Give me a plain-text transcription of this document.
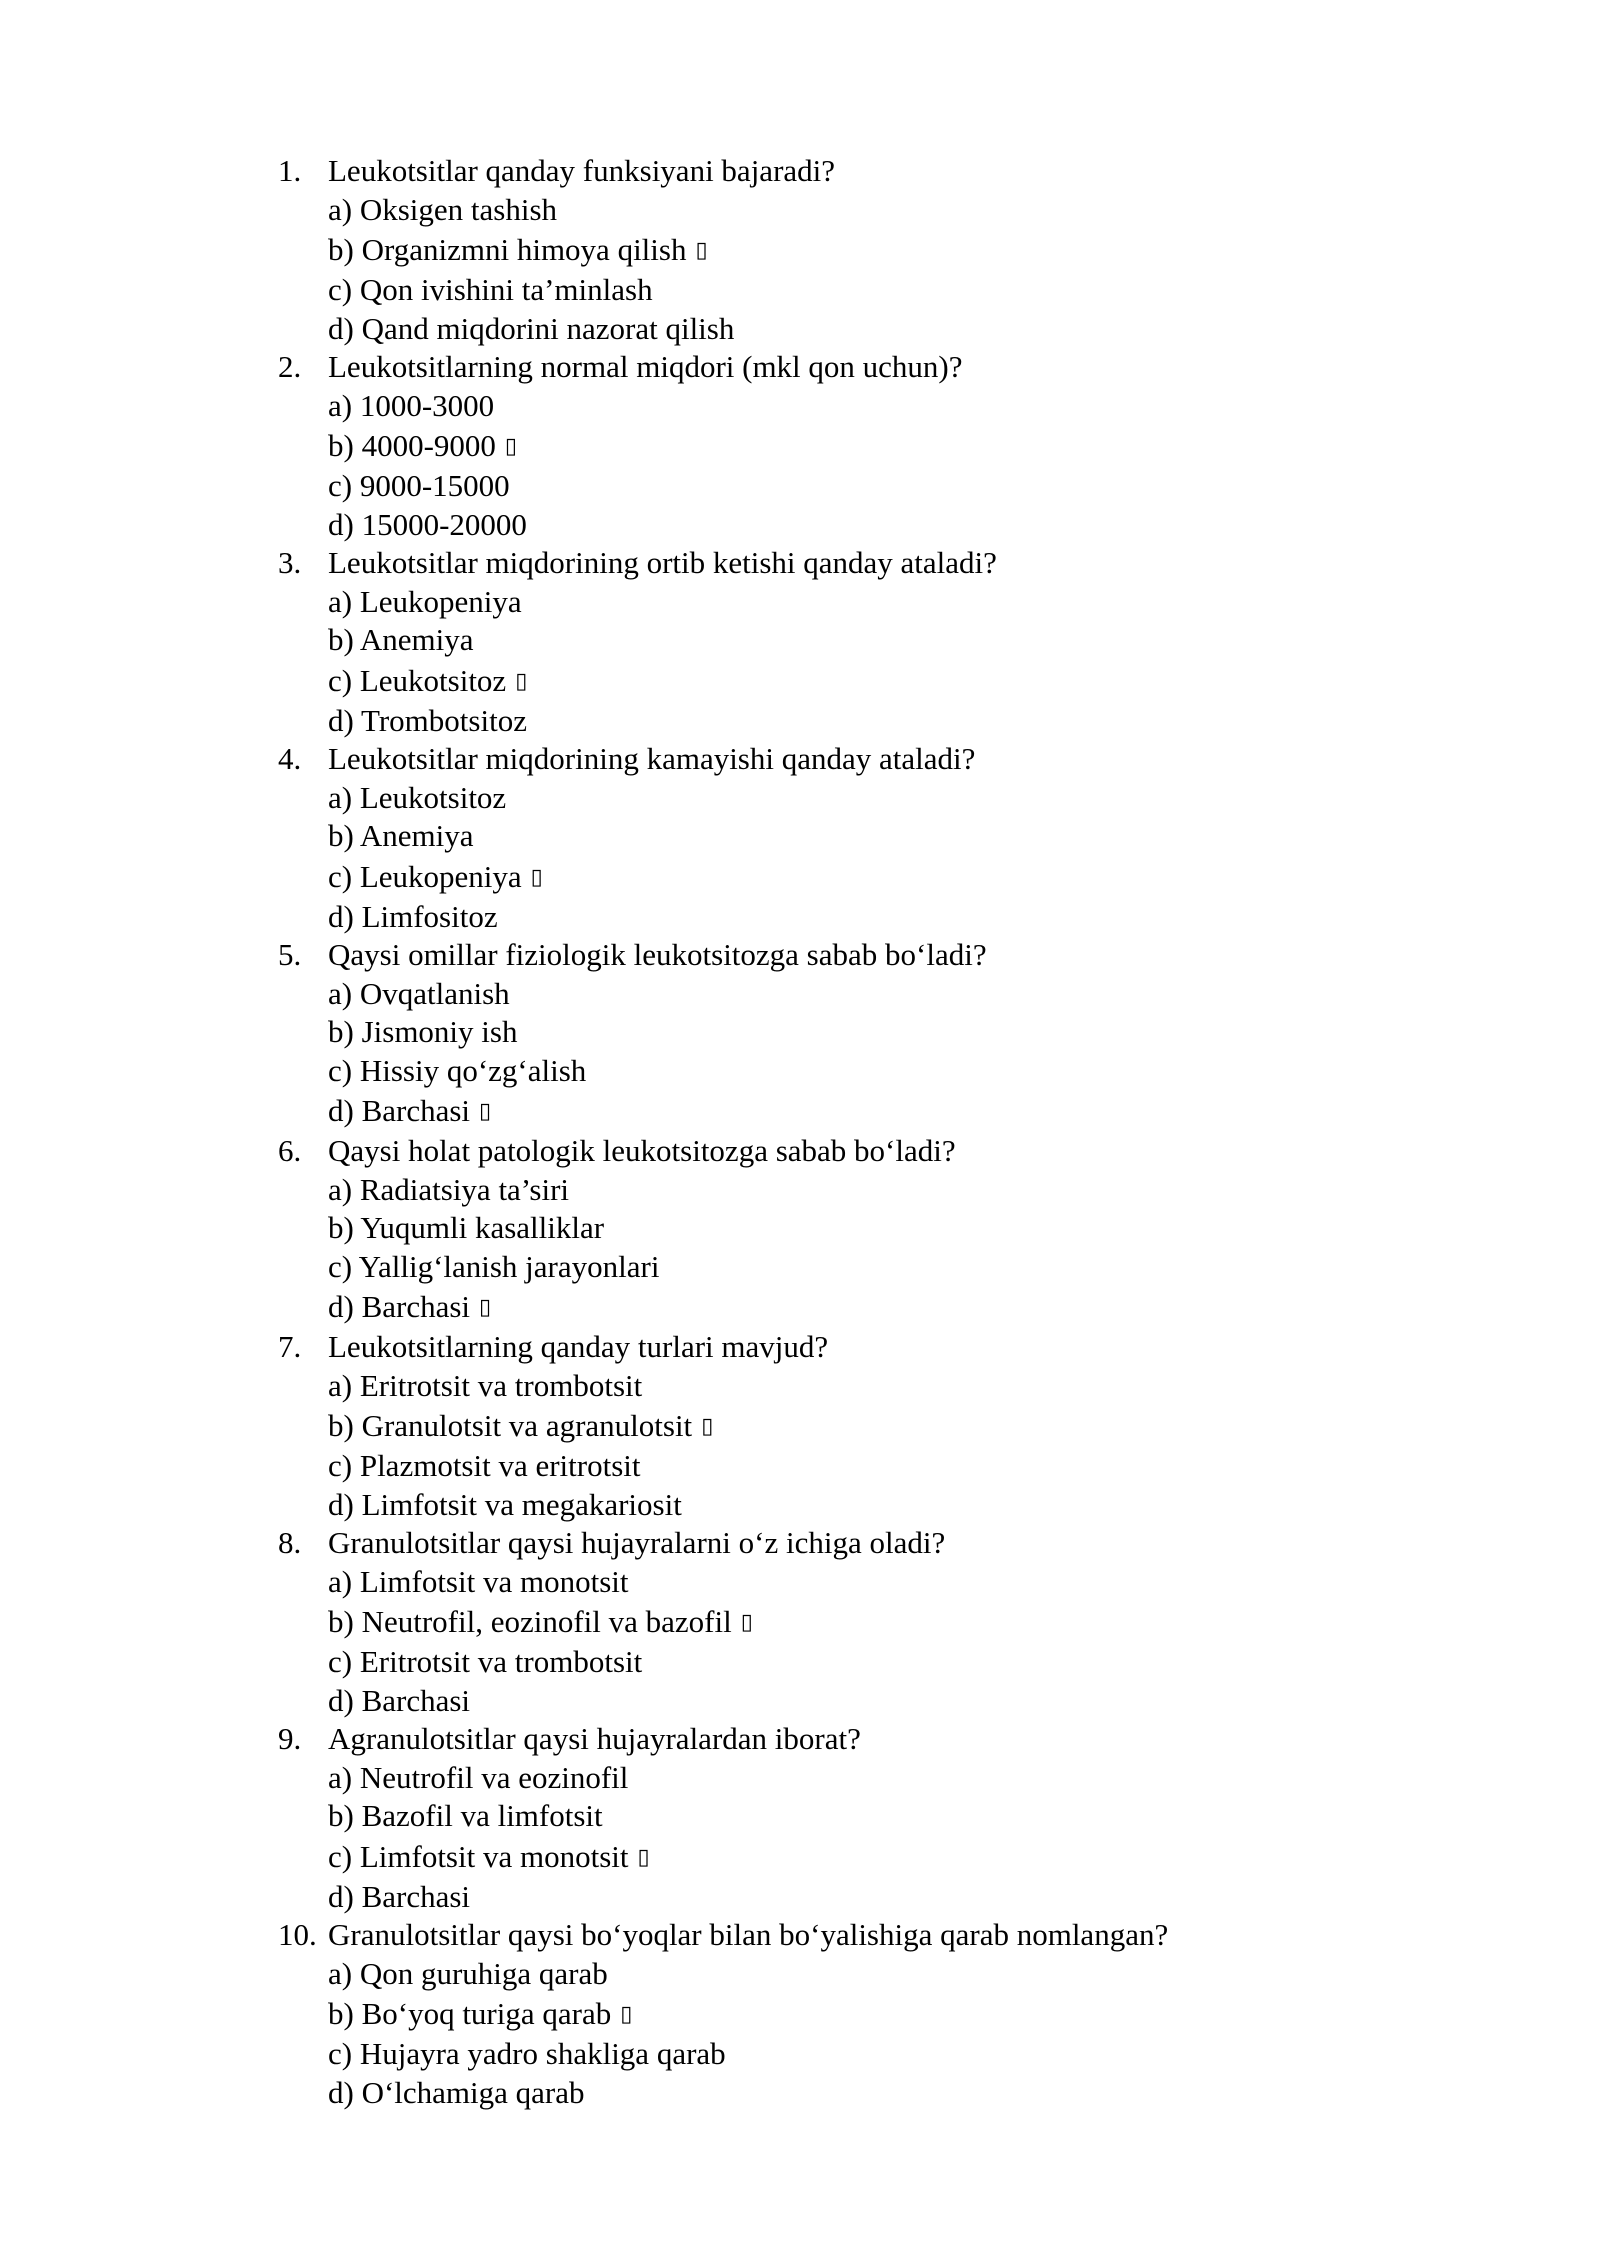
1. Leukotsitlar qanday funksiyani bajaradi?
a) Oksigen tashish
b) Organizmni himoya qilish ▯
c) Qon ivishini ta’minlash
d) Qand miqdorini nazorat qilish
2. Leukotsitlarning normal miqdori (mkl qon uchun)?
a) 1000-3000
b) 4000-9000 ▯
c) 9000-15000
d) 15000-20000
3. Leukotsitlar miqdorining ortib ketishi qanday ataladi?
a) Leukopeniya
b) Anemiya
c) Leukotsitoz ▯
d) Trombotsitoz
4. Leukotsitlar miqdorining kamayishi qanday ataladi?
a) Leukotsitoz
b) Anemiya
c) Leukopeniya ▯
d) Limfositoz
5. Qaysi omillar fiziologik leukotsitozga sabab bo‘ladi?
a) Ovqatlanish
b) Jismoniy ish
c) Hissiy qo‘zg‘alish
d) Barchasi ▯
6. Qaysi holat patologik leukotsitozga sabab bo‘ladi?
a) Radiatsiya ta’siri
b) Yuqumli kasalliklar
c) Yallig‘lanish jarayonlari
d) Barchasi ▯
7. Leukotsitlarning qanday turlari mavjud?
a) Eritrotsit va trombotsit
b) Granulotsit va agranulotsit ▯
c) Plazmotsit va eritrotsit
d) Limfotsit va megakariosit
8. Granulotsitlar qaysi hujayralarni o‘z ichiga oladi?
a) Limfotsit va monotsit
b) Neutrofil, eozinofil va bazofil ▯
c) Eritrotsit va trombotsit
d) Barchasi
9. Agranulotsitlar qaysi hujayralardan iborat?
a) Neutrofil va eozinofil
b) Bazofil va limfotsit
c) Limfotsit va monotsit ▯
d) Barchasi
10. Granulotsitlar qaysi bo‘yoqlar bilan bo‘yalishiga qarab nomlangan?
a) Qon guruhiga qarab
b) Bo‘yoq turiga qarab ▯
c) Hujayra yadro shakliga qarab
d) O‘lchamiga qarab
